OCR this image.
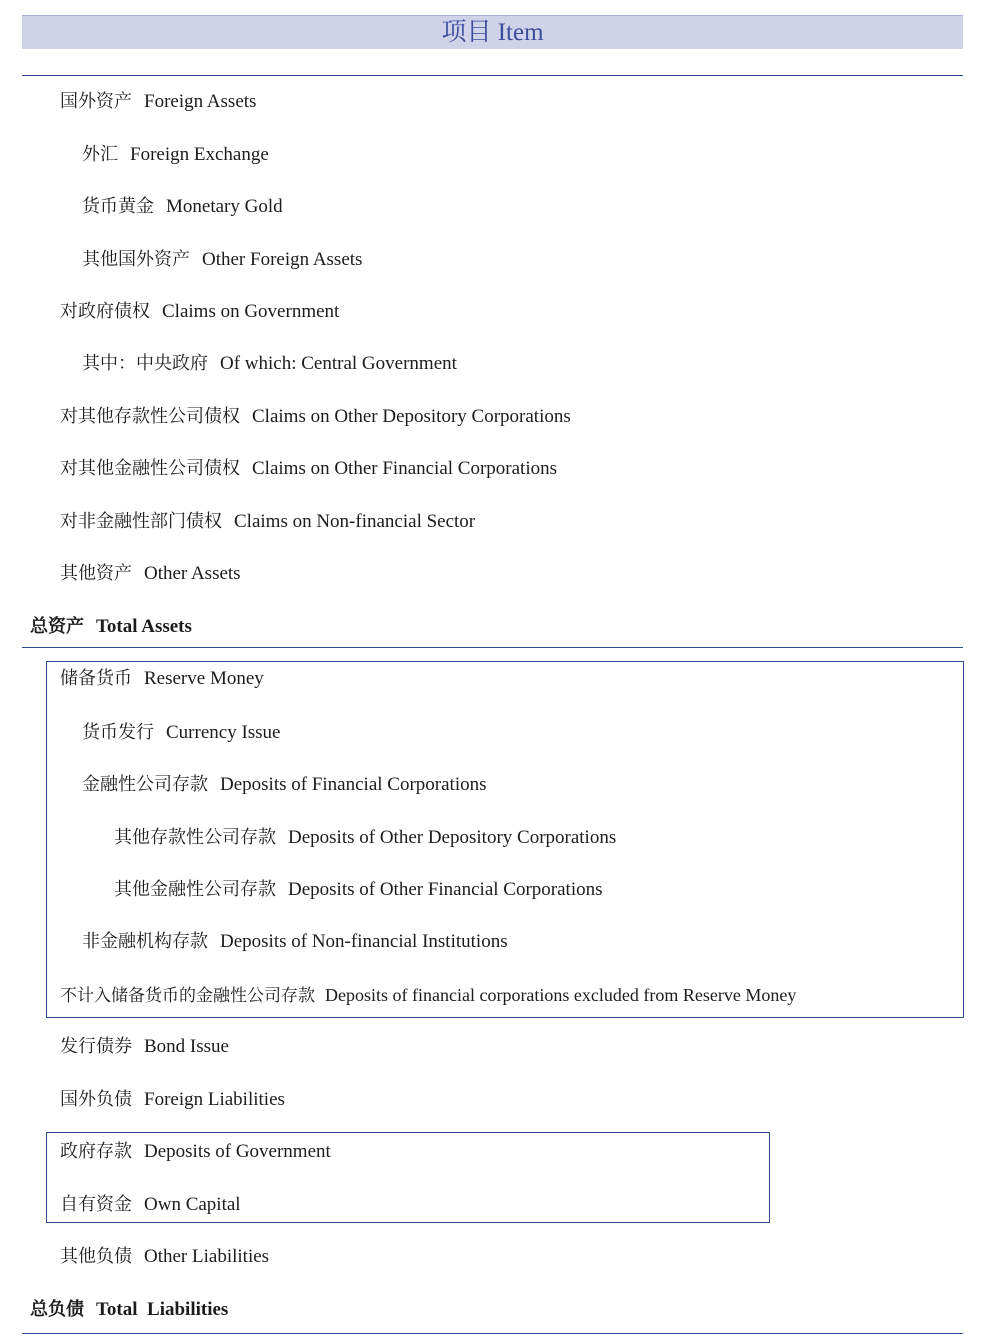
项目 Item
国外资产 Foreign Assets
外汇 Foreign Exchange
货币黄金 Monetary Gold
其他国外资产 Other Foreign Assets
对政府债权 Claims on Government
其中：中央政府 Of which: Central Government
对其他存款性公司债权 Claims on Other Depository Corporations
对其他金融性公司债权 Claims on Other Financial Corporations
对非金融性部门债权 Claims on Non-financial Sector
其他资产 Other Assets
总资产 Total Assets
储备货币 Reserve Money
货币发行 Currency Issue
金融性公司存款 Deposits of Financial Corporations
其他存款性公司存款 Deposits of Other Depository Corporations
其他金融性公司存款 Deposits of Other Financial Corporations
非金融机构存款 Deposits of Non-financial Institutions
不计入储备货币的金融性公司存款 Deposits of financial corporations excluded from Reserve Money
发行债券 Bond Issue
国外负债 Foreign Liabilities
政府存款 Deposits of Government
自有资金 Own Capital
其他负债 Other Liabilities
总负债 Total  Liabilities
